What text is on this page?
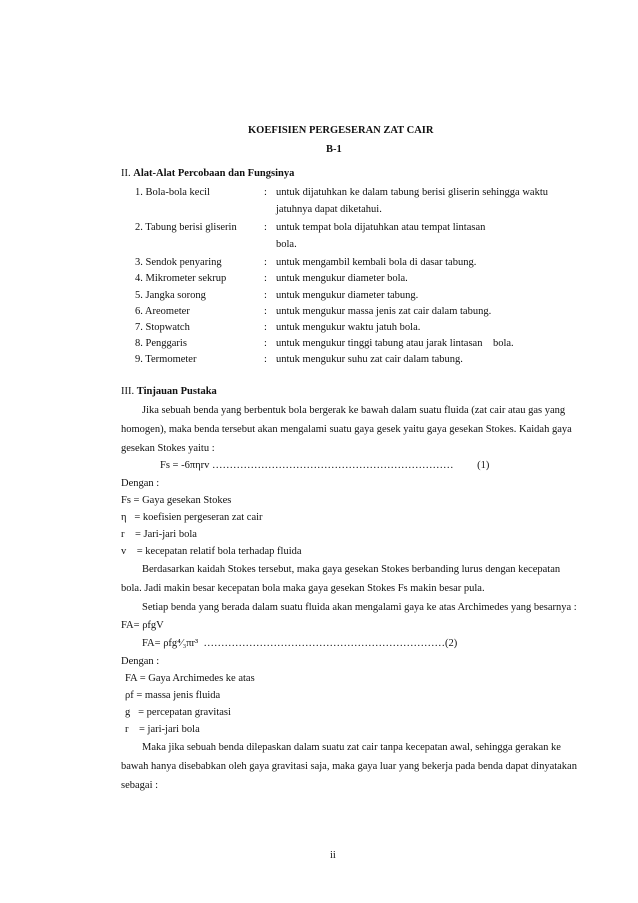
KOEFISIEN PERGESERAN ZAT CAIR
B-1
II. Alat-Alat Percobaan dan Fungsinya
1. Bola-bola kecil	: untuk dijatuhkan ke dalam tabung berisi gliserin sehingga waktu
jatuhnya dapat diketahui.
2. Tabung berisi gliserin	: untuk tempat bola dijatuhkan atau tempat lintasan
bola.
3. Sendok penyaring	: untuk mengambil kembali bola di dasar tabung.
4. Mikrometer sekrup	: untuk mengukur diameter bola.
5. Jangka sorong	: untuk mengukur diameter tabung.
6. Areometer	: untuk mengukur massa jenis zat cair dalam tabung.
7. Stopwatch	: untuk mengukur waktu jatuh bola.
8. Penggaris	: untuk mengukur tinggi tabung atau jarak lintasan    bola.
9. Termometer	: untuk mengukur suhu zat cair dalam tabung.
III. Tinjauan Pustaka
Jika sebuah benda yang berbentuk bola bergerak ke bawah dalam suatu fluida (zat cair atau gas yang
homogen), maka benda tersebut akan mengalami suatu gaya gesek yaitu gaya gesekan Stokes. Kaidah gaya
gesekan Stokes yaitu :
Fs = -6πηrv ……………………………………………………………         (1)
Dengan :
Fs = Gaya gesekan Stokes
η   = koefisien pergeseran zat cair
r    = Jari-jari bola
v    = kecepatan relatif bola terhadap fluida
Berdasarkan kaidah Stokes tersebut, maka gaya gesekan Stokes berbanding lurus dengan kecepatan
bola. Jadi makin besar kecepatan bola maka gaya gesekan Stokes Fs makin besar pula.
Setiap benda yang berada dalam suatu fluida akan mengalami gaya ke atas Archimedes yang besarnya :
FA= ρfgV
FA= ρfg⁴⁄₃πr³  ……………………………………………………………(2)
Dengan :
FA = Gaya Archimedes ke atas
ρf = massa jenis fluida
g   = percepatan gravitasi
r    = jari-jari bola
Maka jika sebuah benda dilepaskan dalam suatu zat cair tanpa kecepatan awal, sehingga gerakan ke
bawah hanya disebabkan oleh gaya gravitasi saja, maka gaya luar yang bekerja pada benda dapat dinyatakan
sebagai :
ii
